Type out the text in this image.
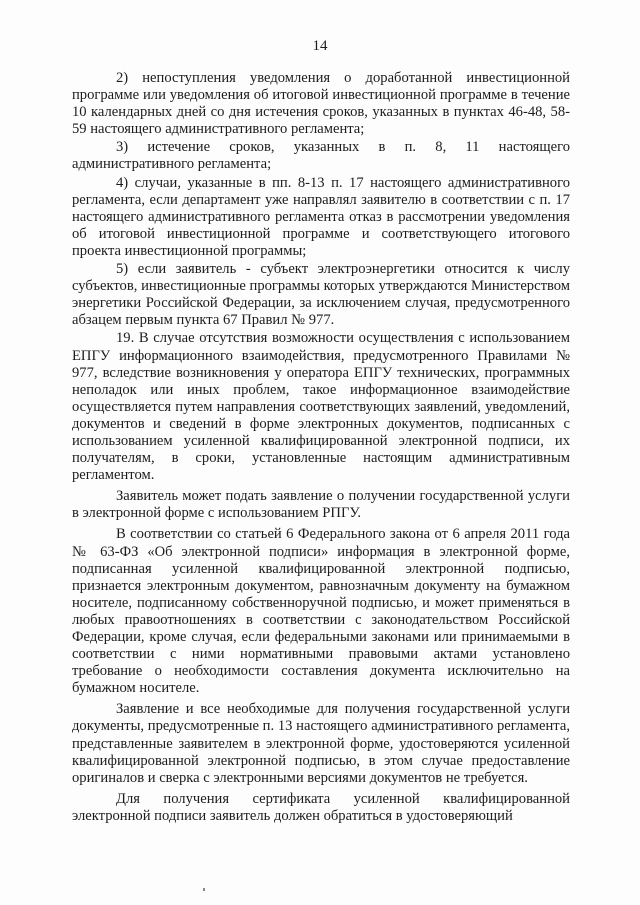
14

2) непоступления уведомления о доработанной инвестиционной программе или уведомления об итоговой инвестиционной программе в течение 10 календарных дней со дня истечения сроков, указанных в пунктах 46-48, 58-59 настоящего административного регламента;

3) истечение сроков, указанных в п. 8, 11 настоящего административного регламента;

4) случаи, указанные в пп. 8-13 п. 17 настоящего административного регламента, если департамент уже направлял заявителю в соответствии с п. 17 настоящего административного регламента отказ в рассмотрении уведомления об итоговой инвестиционной программе и соответствующего итогового проекта инвестиционной программы;

5) если заявитель - субъект электроэнергетики относится к числу субъектов, инвестиционные программы которых утверждаются Министерством энергетики Российской Федерации, за исключением случая, предусмотренного абзацем первым пункта 67 Правил № 977.

19. В случае отсутствия возможности осуществления с использованием ЕПГУ информационного взаимодействия, предусмотренного Правилами № 977, вследствие возникновения у оператора ЕПГУ технических, программных неполадок или иных проблем, такое информационное взаимодействие осуществляется путем направления соответствующих заявлений, уведомлений, документов и сведений в форме электронных документов, подписанных с использованием усиленной квалифицированной электронной подписи, их получателям, в сроки, установленные настоящим административным регламентом.

Заявитель может подать заявление о получении государственной услуги в электронной форме с использованием РПГУ.

В соответствии со статьей 6 Федерального закона от 6 апреля 2011 года № 63-ФЗ «Об электронной подписи» информация в электронной форме, подписанная усиленной квалифицированной электронной подписью, признается электронным документом, равнозначным документу на бумажном носителе, подписанному собственноручной подписью, и может применяться в любых правоотношениях в соответствии с законодательством Российской Федерации, кроме случая, если федеральными законами или принимаемыми в соответствии с ними нормативными правовыми актами установлено требование о необходимости составления документа исключительно на бумажном носителе.

Заявление и все необходимые для получения государственной услуги документы, предусмотренные п. 13 настоящего административного регламента, представленные заявителем в электронной форме, удостоверяются усиленной квалифицированной электронной подписью, в этом случае предоставление оригиналов и сверка с электронными версиями документов не требуется.

Для получения сертификата усиленной квалифицированной электронной подписи заявитель должен обратиться в удостоверяющий
